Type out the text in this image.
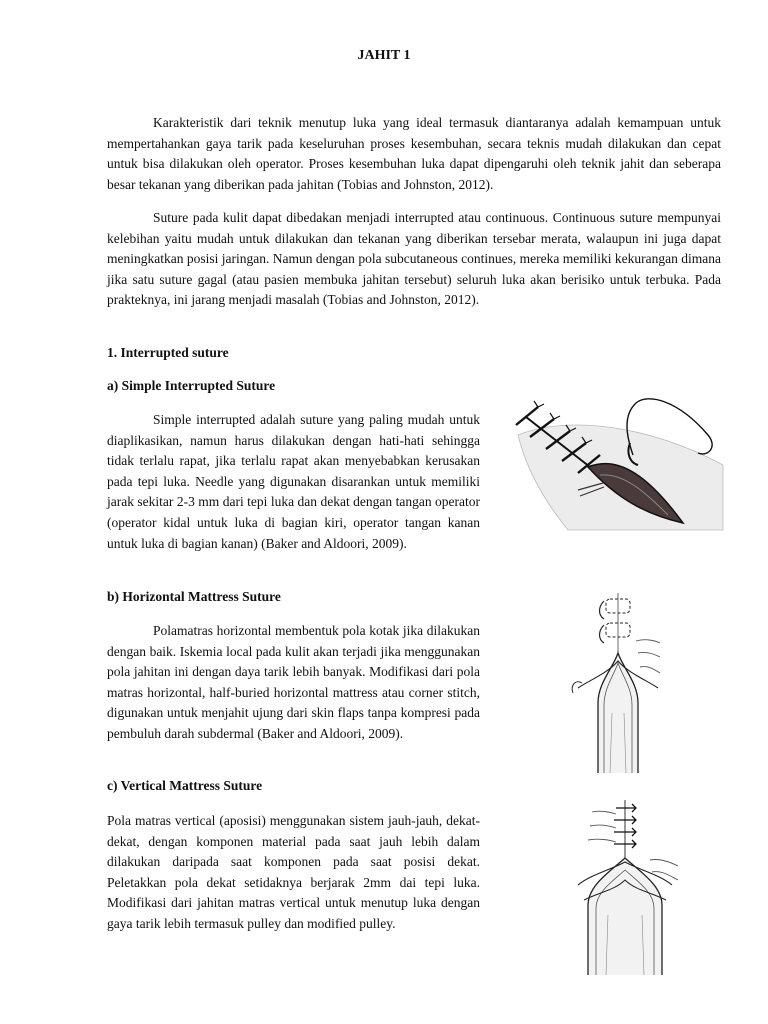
JAHIT 1

Karakteristik dari teknik menutup luka yang ideal termasuk diantaranya adalah kemampuan untuk mempertahankan gaya tarik pada keseluruhan proses kesembuhan, secara teknis mudah dilakukan dan cepat untuk bisa dilakukan oleh operator. Proses kesembuhan luka dapat dipengaruhi oleh teknik jahit dan seberapa besar tekanan yang diberikan pada jahitan (Tobias and Johnston, 2012).

Suture pada kulit dapat dibedakan menjadi interrupted atau continuous. Continuous suture mempunyai kelebihan yaitu mudah untuk dilakukan dan tekanan yang diberikan tersebar merata, walaupun ini juga dapat meningkatkan posisi jaringan. Namun dengan pola subcutaneous continues, mereka memiliki kekurangan dimana jika satu suture gagal (atau pasien membuka jahitan tersebut) seluruh luka akan berisiko untuk terbuka. Pada prakteknya, ini jarang menjadi masalah (Tobias and Johnston, 2012).

1. Interrupted suture

a) Simple Interrupted Suture

Simple interrupted adalah suture yang paling mudah untuk diaplikasikan, namun harus dilakukan dengan hati-hati sehingga tidak terlalu rapat, jika terlalu rapat akan menyebabkan kerusakan pada tepi luka. Needle yang digunakan disarankan untuk memiliki jarak sekitar 2-3 mm dari tepi luka dan dekat dengan tangan operator (operator kidal untuk luka di bagian kiri, operator tangan kanan untuk luka di bagian kanan) (Baker and Aldoori, 2009).

b) Horizontal Mattress Suture

Polamatras horizontal membentuk pola kotak jika dilakukan dengan baik. Iskemia local pada kulit akan terjadi jika menggunakan pola jahitan ini dengan daya tarik lebih banyak. Modifikasi dari pola matras horizontal, half-buried horizontal mattress atau corner stitch, digunakan untuk menjahit ujung dari skin flaps tanpa kompresi pada pembuluh darah subdermal (Baker and Aldoori, 2009).

c) Vertical Mattress Suture

Pola matras vertical (aposisi) menggunakan sistem jauh-jauh, dekat-dekat, dengan komponen material pada saat jauh lebih dalam dilakukan daripada saat komponen pada saat posisi dekat. Peletakkan pola dekat setidaknya berjarak 2mm dai tepi luka. Modifikasi dari jahitan matras vertical untuk menutup luka dengan gaya tarik lebih termasuk pulley dan modified pulley.
